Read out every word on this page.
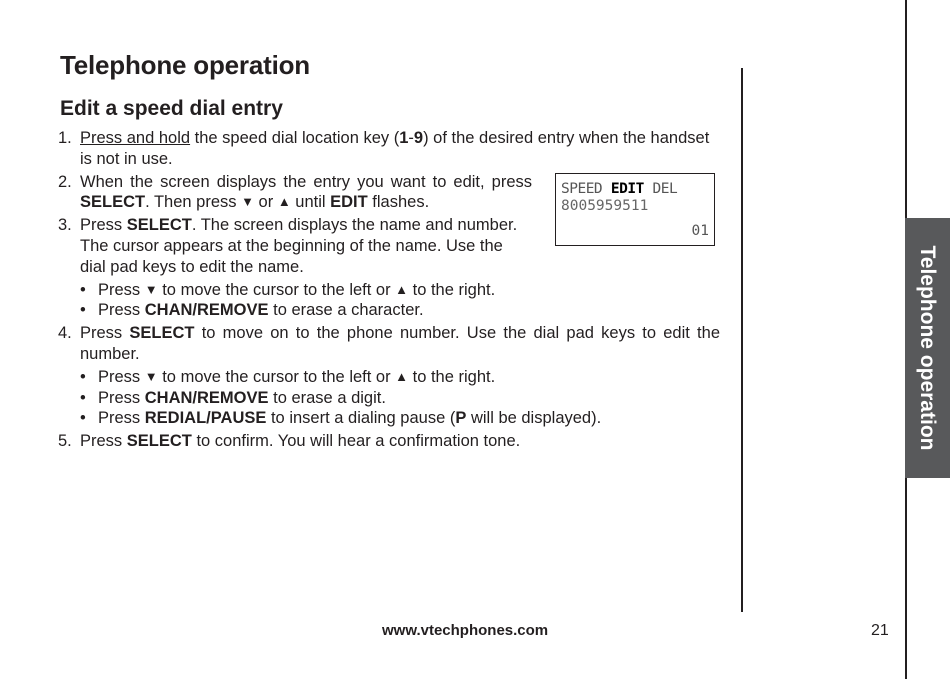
Telephone operation
Edit a speed dial entry
1. Press and hold the speed dial location key (1-9) of the desired entry when the handset is not in use.
2. When the screen displays the entry you want to edit, press SELECT. Then press ▼ or ▲ until EDIT flashes.
3. Press SELECT. The screen displays the name and number. The cursor appears at the beginning of the name. Use the dial pad keys to edit the name.
• Press ▼ to move the cursor to the left or ▲ to the right.
• Press CHAN/REMOVE to erase a character.
4. Press SELECT to move on to the phone number. Use the dial pad keys to edit the number.
• Press ▼ to move the cursor to the left or ▲ to the right.
• Press CHAN/REMOVE to erase a digit.
• Press REDIAL/PAUSE to insert a dialing pause (P will be displayed).
5. Press SELECT to confirm. You will hear a confirmation tone.
SPEED EDIT DEL
8005959511
01
Telephone operation
www.vtechphones.com	21
